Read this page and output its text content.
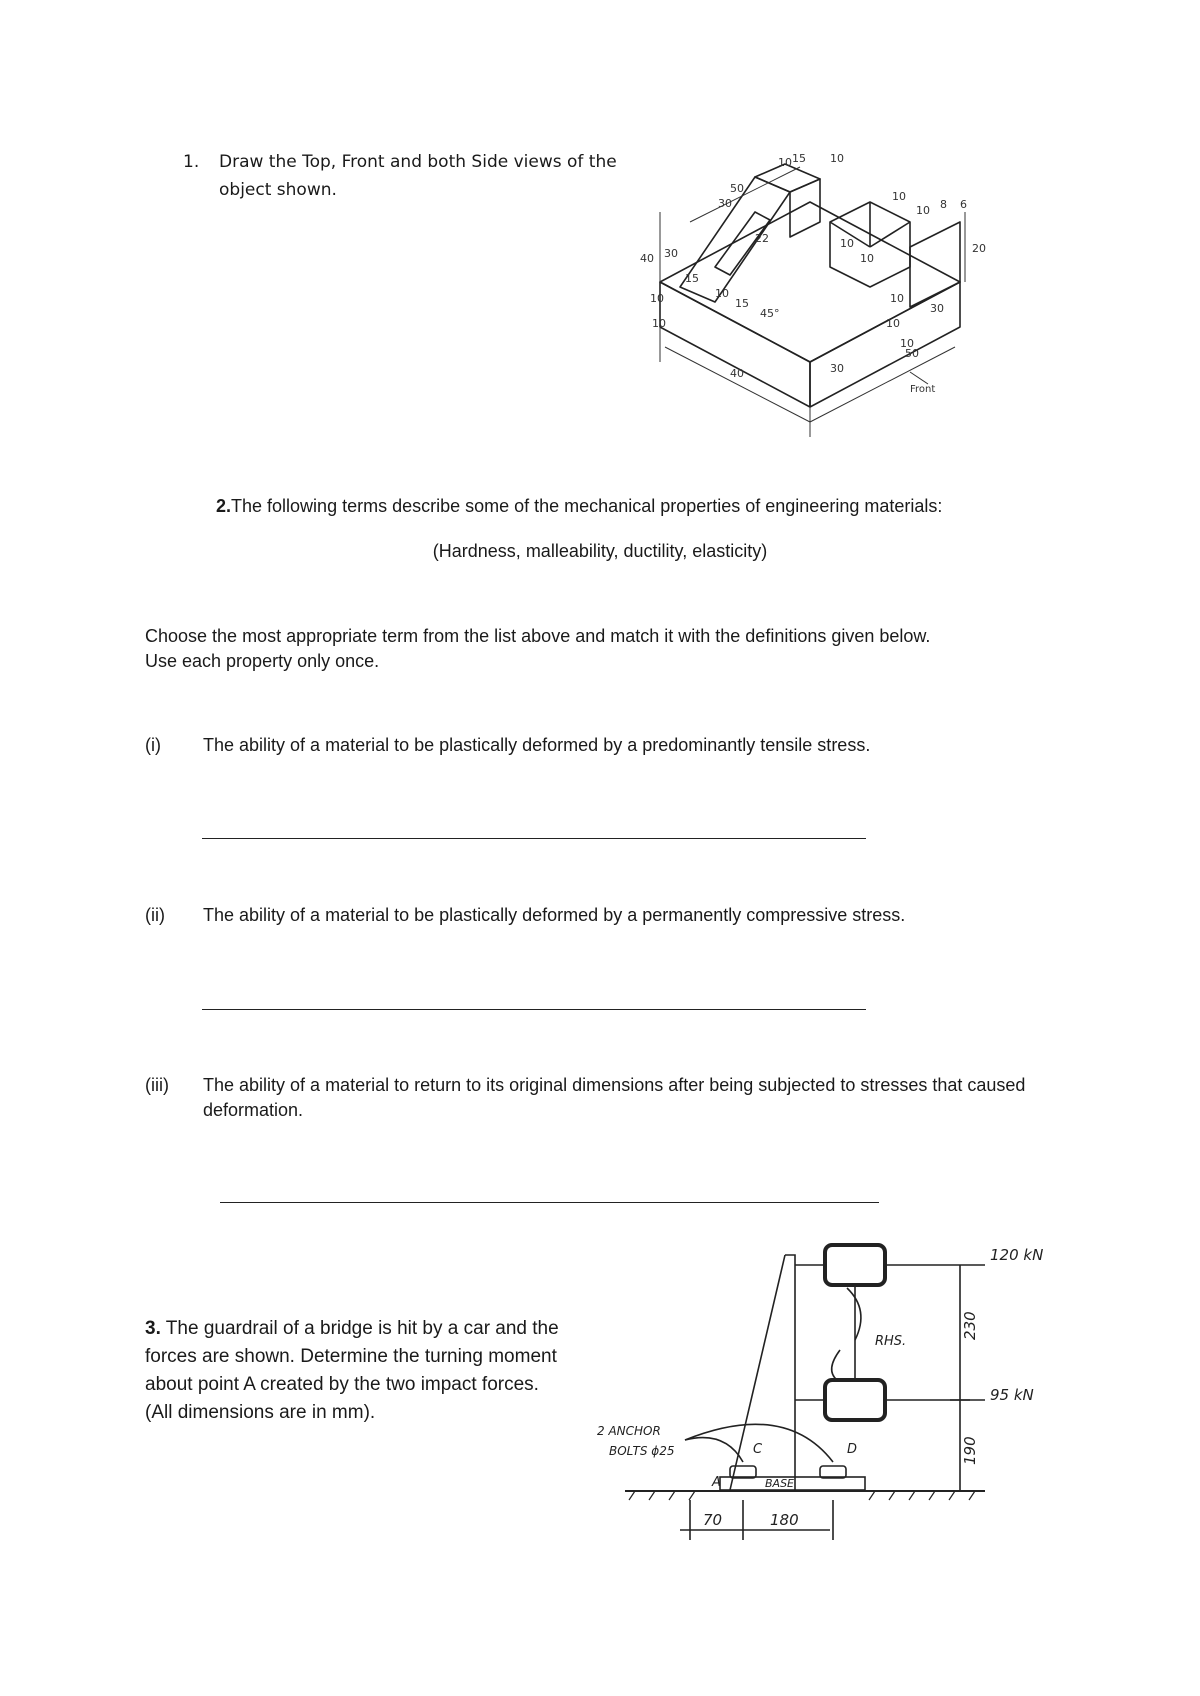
1. Draw the Top, Front and both Side views of the object shown.	50
30
10 15 10
10
10 8 6
20
40 30
22	10
10
10
10
15
10
15
45°	30
10
10
50
40	30
10
Front
2.The following terms describe some of the mechanical properties of engineering materials:
(Hardness, malleability, ductility, elasticity)
Choose the most appropriate term from the list above and match it with the definitions given below.
Use each property only once.
(i) The ability of a material to be plastically deformed by a predominantly tensile stress.
(ii) The ability of a material to be plastically deformed by a permanently compressive stress.
(iii) The ability of a material to return to its original dimensions after being subjected to stresses that caused deformation.
3. The guardrail of a bridge is hit by a car and the forces are shown. Determine the turning moment about point A created by the two impact forces. (All dimensions are in mm).
120 kN
95 kN
230
190
RHS.
2 ANCHOR
BOLTS ϕ25
A
C	D
BASE
70	180
